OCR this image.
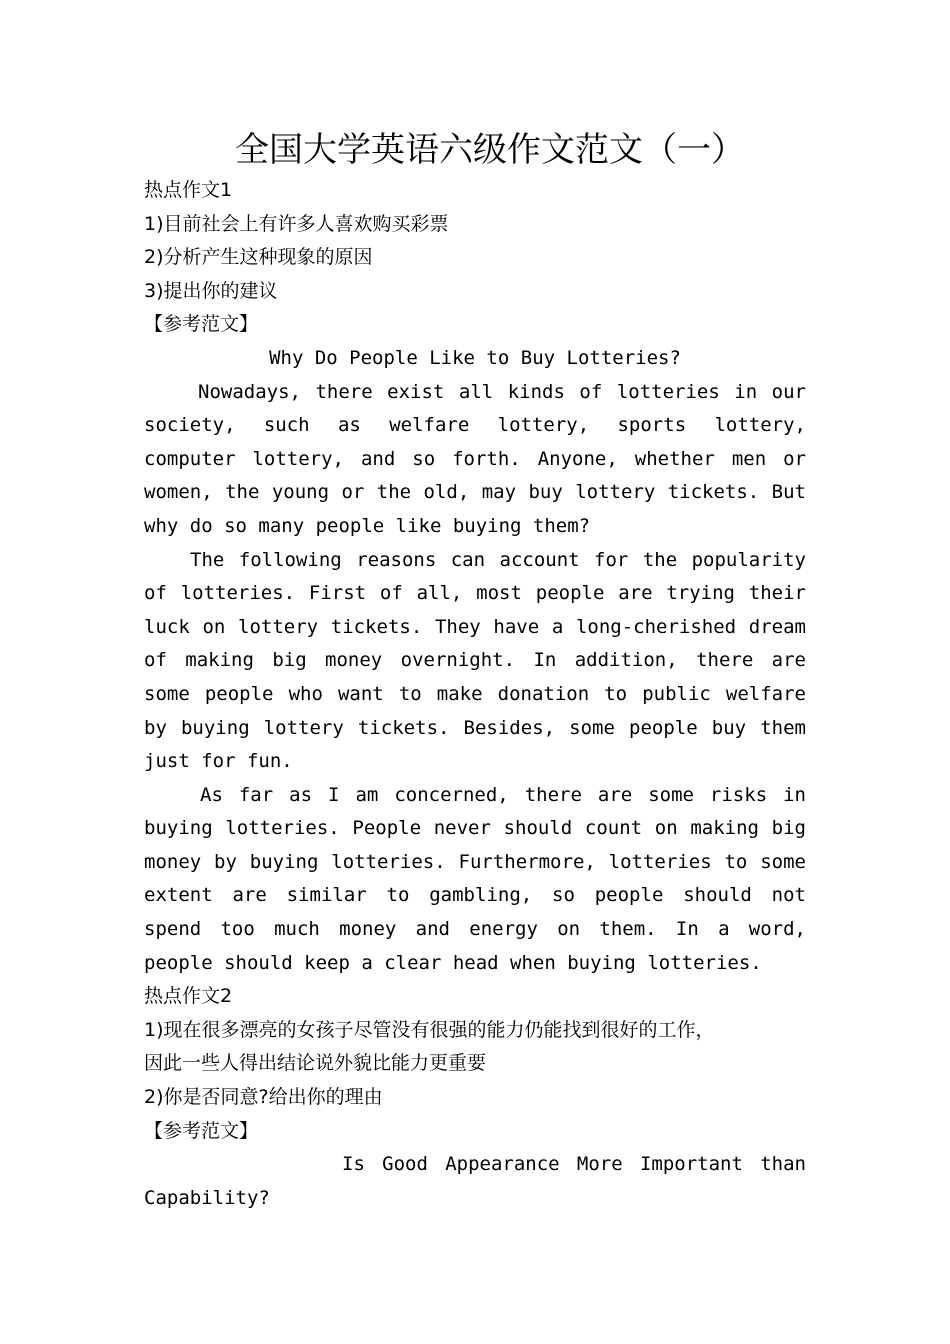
全国大学英语六级作文范文（一）
热点作文1
1)目前社会上有许多人喜欢购买彩票
2)分析产生这种现象的原因
3)提出你的建议
【参考范文】
Why Do People Like to Buy Lotteries?

Nowadays, there exist all kinds of lotteries in our society, such as welfare lottery, sports lottery, computer lottery, and so forth. Anyone, whether men or women, the young or the old, may buy lottery tickets. But why do so many people like buying them?

The following reasons can account for the popularity of lotteries. First of all, most people are trying their luck on lottery tickets. They have a long-cherished dream of making big money overnight. In addition, there are some people who want to make donation to public welfare by buying lottery tickets. Besides, some people buy them just for fun.

As far as I am concerned, there are some risks in buying lotteries. People never should count on making big money by buying lotteries. Furthermore, lotteries to some extent are similar to gambling, so people should not spend too much money and energy on them. In a word, people should keep a clear head when buying lotteries.

热点作文2
1)现在很多漂亮的女孩子尽管没有很强的能力仍能找到很好的工作，
因此一些人得出结论说外貌比能力更重要
2)你是否同意?给出你的理由
【参考范文】

Is Good Appearance More Important than Capability?
